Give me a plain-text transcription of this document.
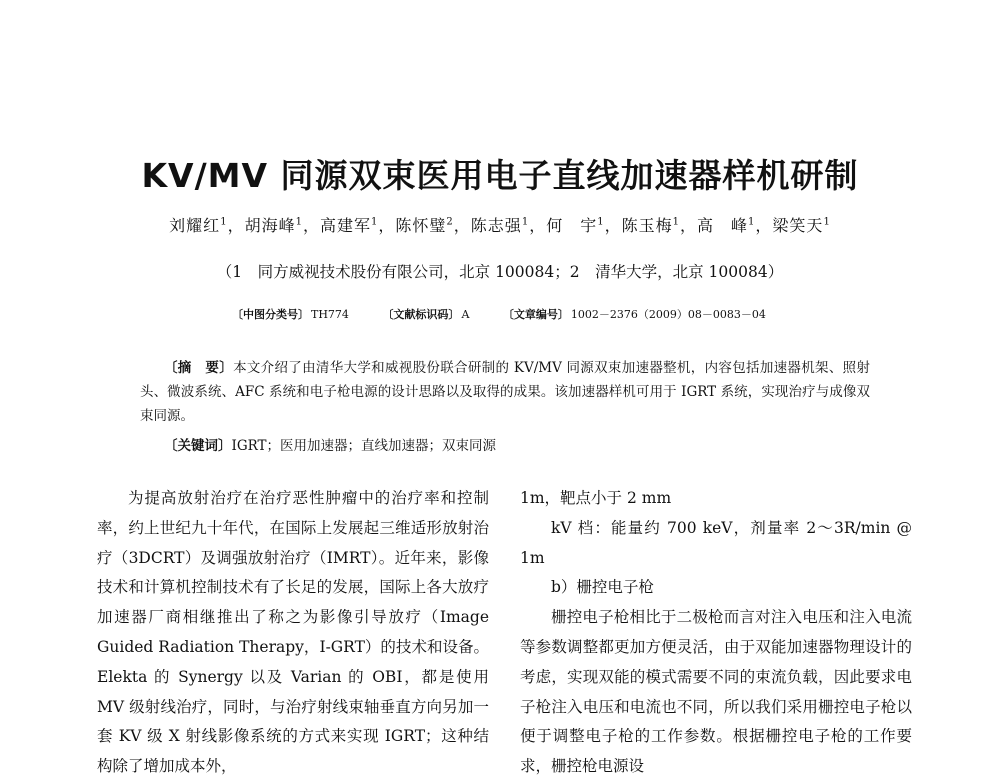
KV/MV 同源双束医用电子直线加速器样机研制
刘耀红$^1$，胡海峰$^1$，高建军$^1$，陈怀璧$^2$，陈志强$^1$，何　宇$^1$，陈玉梅$^1$，高　峰$^1$，梁笑天$^1$
（1　同方威视技术股份有限公司，北京 100084；2　清华大学，北京 100084）
〔中图分类号〕 TH774	〔文献标识码〕 A	〔文章编号〕 1002－2376（2009）08－0083－04
〔摘　要〕本文介绍了由清华大学和威视股份联合研制的 KV/MV 同源双束加速器整机，内容包括加速器机架、照射头、微波系统、AFC 系统和电子枪电源的设计思路以及取得的成果。该加速器样机可用于 IGRT 系统，实现治疗与成像双束同源。
〔关键词〕IGRT；医用加速器；直线加速器；双束同源

为提高放射治疗在治疗恶性肿瘤中的治疗率和控制率，约上世纪九十年代，在国际上发展起三维适形放射治疗（3DCRT）及调强放射治疗（IMRT）。近年来，影像技术和计算机控制技术有了长足的发展，国际上各大放疗加速器厂商相继推出了称之为影像引导放疗（Image Guided Radiation Therapy，I-GRT）的技术和设备。Elekta 的 Synergy 以及 Varian 的 OBI，都是使用 MV 级射线治疗，同时，与治疗射线束轴垂直方向另加一套 KV 级 X 射线影像系统的方式来实现 IGRT；这种结构除了增加成本外，

1m，靶点小于 2 mm

kV 档：能量约 700 keV，剂量率 2～3R/min @ 1m

b）栅控电子枪

栅控电子枪相比于二极枪而言对注入电压和注入电流等参数调整都更加方便灵活，由于双能加速器物理设计的考虑，实现双能的模式需要不同的束流负载，因此要求电子枪注入电压和电流也不同，所以我们采用栅控电子枪以便于调整电子枪的工作参数。根据栅控电子枪的工作要求，栅控枪电源设
